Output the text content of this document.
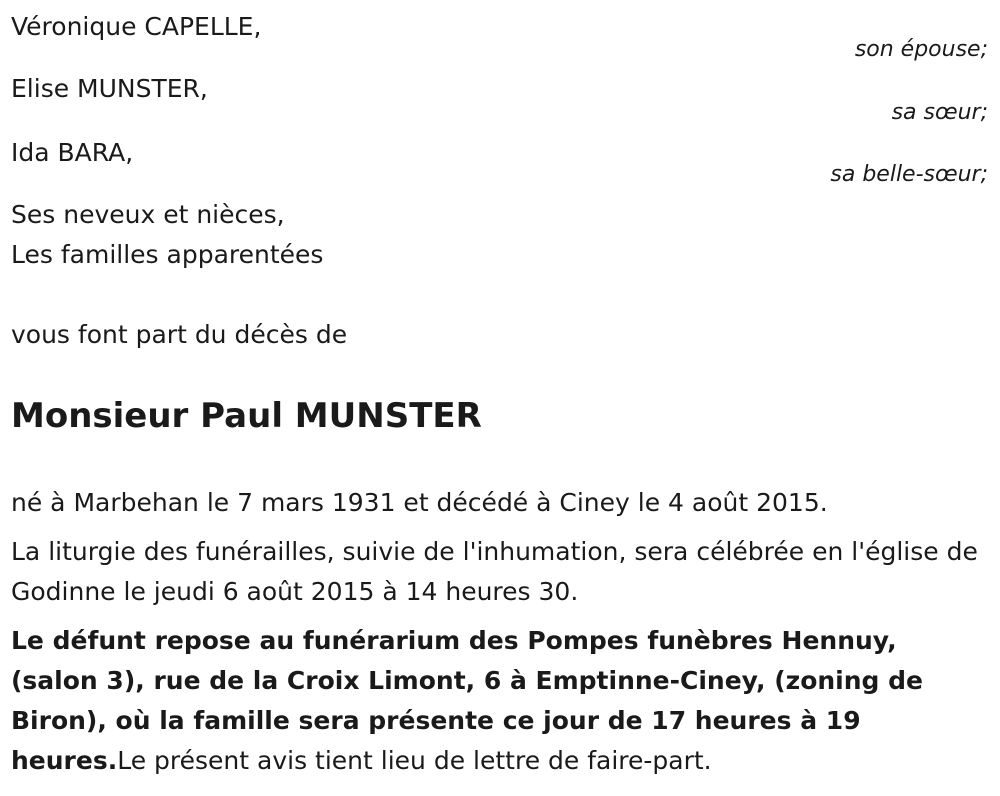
Véronique CAPELLE,
son épouse;
Elise MUNSTER,
sa sœur;
Ida BARA,
sa belle-sœur;
Ses neveux et nièces,
Les familles apparentées
vous font part du décès de
Monsieur Paul MUNSTER
né à Marbehan le 7 mars 1931 et décédé à Ciney le 4 août 2015.
La liturgie des funérailles, suivie de l'inhumation, sera célébrée en l'église de Godinne le jeudi 6 août 2015 à 14 heures 30.
Le défunt repose au funérarium des Pompes funèbres Hennuy, (salon 3), rue de la Croix Limont, 6 à Emptinne-Ciney, (zoning de Biron), où la famille sera présente ce jour de 17 heures à 19 heures.Le présent avis tient lieu de lettre de faire-part.
